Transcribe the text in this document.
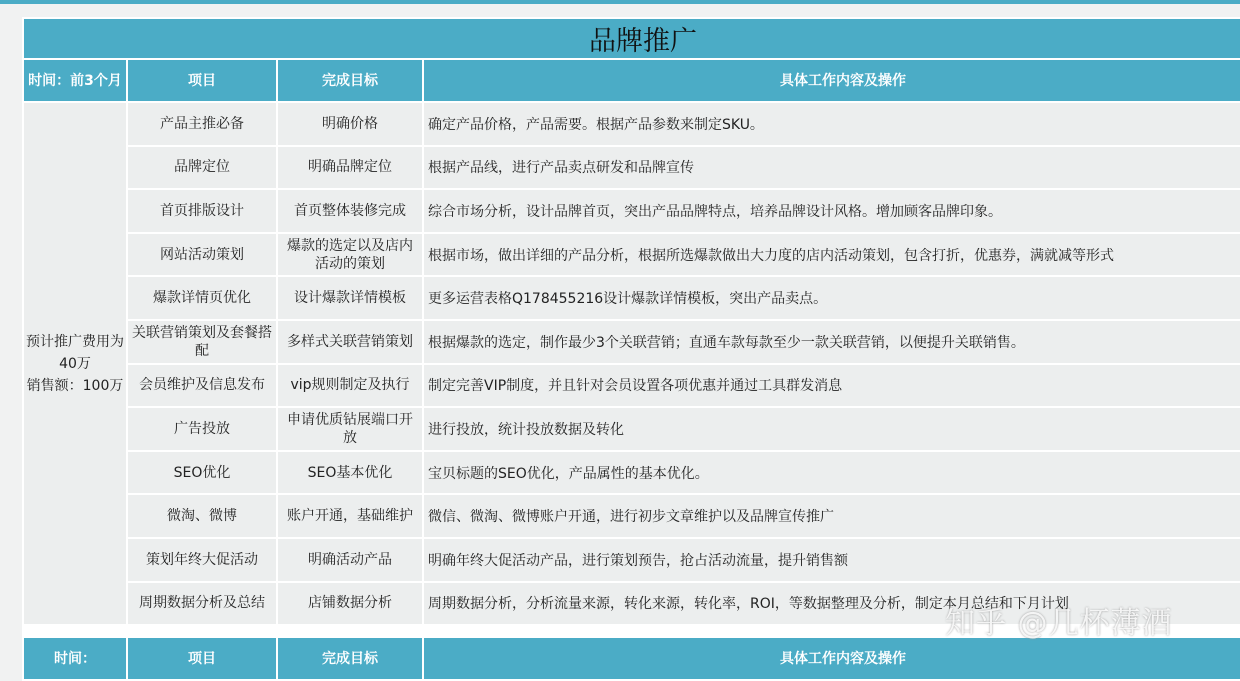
品牌推广			
时间：前3个月	项目	完成目标	具体工作内容及操作

预计推广费用为40万
销售额：100万	产品主推必备	明确价格	确定产品价格，产品需要。根据产品参数来制定SKU。
	品牌定位	明确品牌定位	根据产品线，进行产品卖点研发和品牌宣传
	首页排版设计	首页整体装修完成	综合市场分析，设计品牌首页，突出产品品牌特点，培养品牌设计风格。增加顾客品牌印象。
	网站活动策划	爆款的选定以及店内活动的策划	根据市场，做出详细的产品分析，根据所选爆款做出大力度的店内活动策划，包含打折，优惠券，满就减等形式
	爆款详情页优化	设计爆款详情模板	更多运营表格Q178455216设计爆款详情模板，突出产品卖点。
	关联营销策划及套餐搭配	多样式关联营销策划	根据爆款的选定，制作最少3个关联营销；直通车款每款至少一款关联营销，以便提升关联销售。
	会员维护及信息发布	vip规则制定及执行	制定完善VIP制度，并且针对会员设置各项优惠并通过工具群发消息
	广告投放	申请优质钻展端口开放	进行投放，统计投放数据及转化
	SEO优化	SEO基本优化	宝贝标题的SEO优化，产品属性的基本优化。
	微淘、微博	账户开通，基础维护	微信、微淘、微博账户开通，进行初步文章维护以及品牌宣传推广
	策划年终大促活动	明确活动产品	明确年终大促活动产品，进行策划预告，抢占活动流量，提升销售额
	周期数据分析及总结	店铺数据分析	周期数据分析，分析流量来源，转化来源，转化率，ROI，等数据整理及分析，制定本月总结和下月计划

时间：	项目	完成目标	具体工作内容及操作
知乎 @几杯薄酒
